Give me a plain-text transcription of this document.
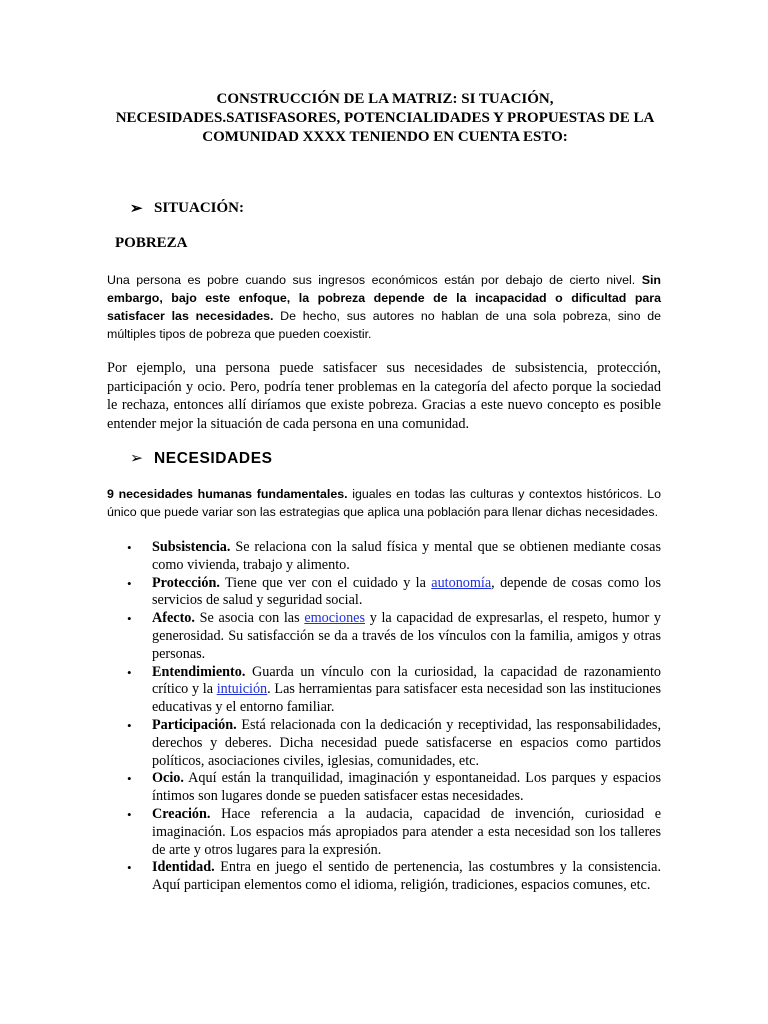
CONSTRUCCIÓN DE LA MATRIZ: SI TUACIÓN,
NECESIDADES.SATISFASORES, POTENCIALIDADES Y PROPUESTAS DE LA
COMUNIDAD XXXX TENIENDO EN CUENTA ESTO:
➢ SITUACIÓN:
POBREZA

Una persona es pobre cuando sus ingresos económicos están por debajo de cierto nivel. Sin embargo, bajo este enfoque, la pobreza depende de la incapacidad o dificultad para satisfacer las necesidades. De hecho, sus autores no hablan de una sola pobreza, sino de múltiples tipos de pobreza que pueden coexistir.

Por ejemplo, una persona puede satisfacer sus necesidades de subsistencia, protección, participación y ocio. Pero, podría tener problemas en la categoría del afecto porque la sociedad le rechaza, entonces allí diríamos que existe pobreza. Gracias a este nuevo concepto es posible entender mejor la situación de cada persona en una comunidad.

➢ NECESIDADES

9 necesidades humanas fundamentales. iguales en todas las culturas y contextos históricos. Lo único que puede variar son las estrategias que aplica una población para llenar dichas necesidades.

• Subsistencia. Se relaciona con la salud física y mental que se obtienen mediante cosas como vivienda, trabajo y alimento.
• Protección. Tiene que ver con el cuidado y la autonomía, depende de cosas como los servicios de salud y seguridad social.
• Afecto. Se asocia con las emociones y la capacidad de expresarlas, el respeto, humor y generosidad. Su satisfacción se da a través de los vínculos con la familia, amigos y otras personas.
• Entendimiento. Guarda un vínculo con la curiosidad, la capacidad de razonamiento crítico y la intuición. Las herramientas para satisfacer esta necesidad son las instituciones educativas y el entorno familiar.
• Participación. Está relacionada con la dedicación y receptividad, las responsabilidades, derechos y deberes. Dicha necesidad puede satisfacerse en espacios como partidos políticos, asociaciones civiles, iglesias, comunidades, etc.
• Ocio. Aquí están la tranquilidad, imaginación y espontaneidad. Los parques y espacios íntimos son lugares donde se pueden satisfacer estas necesidades.
• Creación. Hace referencia a la audacia, capacidad de invención, curiosidad e imaginación. Los espacios más apropiados para atender a esta necesidad son los talleres de arte y otros lugares para la expresión.
• Identidad. Entra en juego el sentido de pertenencia, las costumbres y la consistencia. Aquí participan elementos como el idioma, religión, tradiciones, espacios comunes, etc.
